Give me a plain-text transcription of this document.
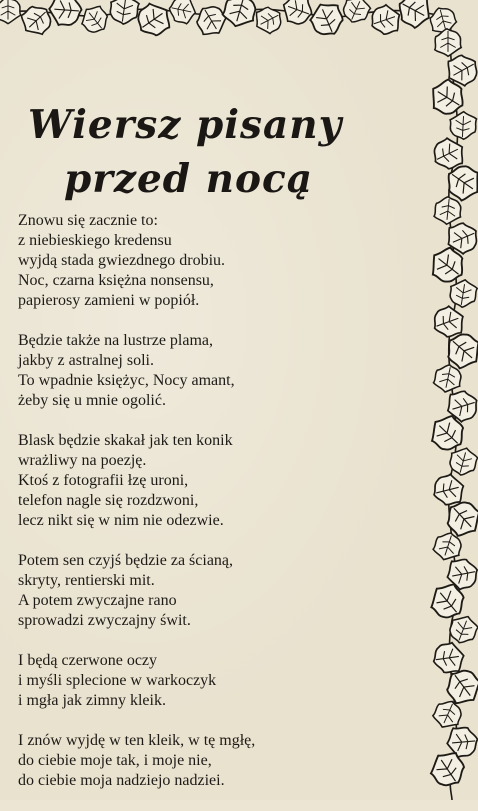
Wiersz pisany
przed nocą
Znowu się zacznie to:
z niebieskiego kredensu
wyjdą stada gwiezdnego drobiu.
Noc, czarna księżna nonsensu,
papierosy zamieni w popiół.
Będzie także na lustrze plama,
jakby z astralnej soli.
To wpadnie księżyc, Nocy amant,
żeby się u mnie ogolić.
Blask będzie skakał jak ten konik
wrażliwy na poezję.
Ktoś z fotografii łzę uroni,
telefon nagle się rozdzwoni,
lecz nikt się w nim nie odezwie.
Potem sen czyjś będzie za ścianą,
skryty, rentierski mit.
A potem zwyczajne rano
sprowadzi zwyczajny świt.
I będą czerwone oczy
i myśli splecione w warkoczyk
i mgła jak zimny kleik.
I znów wyjdę w ten kleik, w tę mgłę,
do ciebie moje tak, i moje nie,
do ciebie moja nadziejo nadziei.
